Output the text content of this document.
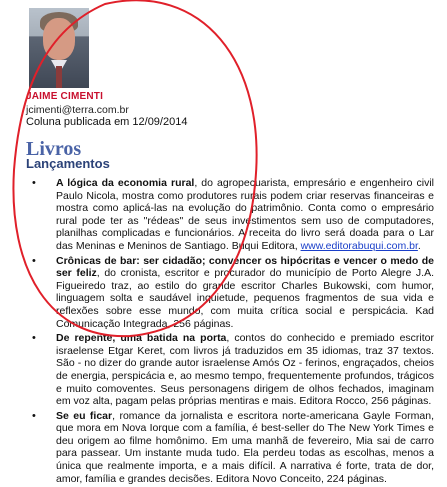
JAIME CIMENTI
jcimenti@terra.com.br
Coluna publicada em 12/09/2014
Livros
Lançamentos
• A lógica da economia rural, do agropecuarista, empresário e engenheiro civil Paulo Nicola, mostra como produtores rurais podem criar reservas financeiras e mostra como aplicá-las na evolução do patrimônio. Conta como o empresário rural pode ter as "rédeas" de seus investimentos sem uso de computadores, planilhas complicadas e funcionários. A receita do livro será doada para o Lar das Meninas e Meninos de Santiago. Buqui Editora, www.editorabuqui.com.br.
• Crônicas de bar: ser cidadão; convencer os hipócritas e vencer o medo de ser feliz, do cronista, escritor e procurador do município de Porto Alegre J.A. Figueiredo traz, ao estilo do grande escritor Charles Bukowski, com humor, linguagem solta e saudável inquietude, pequenos fragmentos de sua vida e reflexões sobre esse mundo, com muita crítica social e perspicácia. Kad Comunicação Integrada, 256 páginas.
• De repente, uma batida na porta, contos do conhecido e premiado escritor israelense Etgar Keret, com livros já traduzidos em 35 idiomas, traz 37 textos. São - no dizer do grande autor israelense Amós Oz - ferinos, engraçados, cheios de energia, perspicácia e, ao mesmo tempo, frequentemente profundos, trágicos e muito comoventes. Seus personagens dirigem de olhos fechados, imaginam em voz alta, pagam pelas próprias mentiras e mais. Editora Rocco, 256 páginas.
• Se eu ficar, romance da jornalista e escritora norte-americana Gayle Forman, que mora em Nova Iorque com a família, é best-seller do The New York Times e deu origem ao filme homônimo. Em uma manhã de fevereiro, Mia sai de carro para passear. Um instante muda tudo. Ela perdeu todas as escolhas, menos a única que realmente importa, e a mais difícil. A narrativa é forte, trata de dor, amor, família e grandes decisões. Editora Novo Conceito, 224 páginas.
